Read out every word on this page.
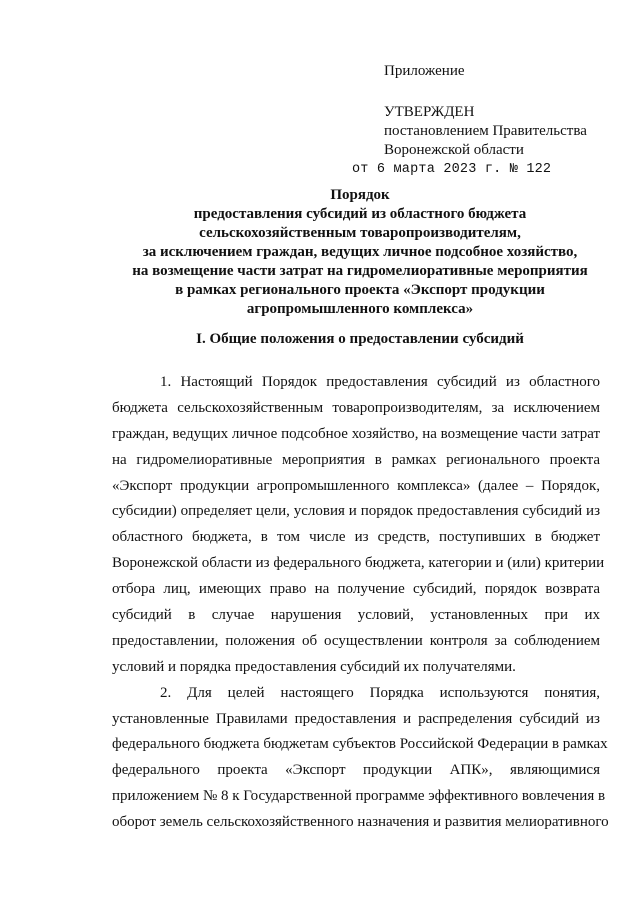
Приложение
УТВЕРЖДЕН
постановлением Правительства
Воронежской области
от 6 марта 2023 г. № 122
Порядок
предоставления субсидий из областного бюджета
сельскохозяйственным товаропроизводителям,
за исключением граждан, ведущих личное подсобное хозяйство,
на возмещение части затрат на гидромелиоративные мероприятия
в рамках регионального проекта «Экспорт продукции
агропромышленного комплекса»
I. Общие положения о предоставлении субсидий
1. Настоящий Порядок предоставления субсидий из областного
бюджета сельскохозяйственным товаропроизводителям, за исключением
граждан, ведущих личное подсобное хозяйство, на возмещение части затрат
на гидромелиоративные мероприятия в рамках регионального проекта
«Экспорт продукции агропромышленного комплекса» (далее – Порядок,
субсидии) определяет цели, условия и порядок предоставления субсидий из
областного бюджета, в том числе из средств, поступивших в бюджет
Воронежской области из федерального бюджета, категории и (или) критерии
отбора лиц, имеющих право на получение субсидий, порядок возврата
субсидий в случае нарушения условий, установленных при их
предоставлении, положения об осуществлении контроля за соблюдением
условий и порядка предоставления субсидий их получателями.
2. Для целей настоящего Порядка используются понятия,
установленные Правилами предоставления и распределения субсидий из
федерального бюджета бюджетам субъектов Российской Федерации в рамках
федерального проекта «Экспорт продукции АПК», являющимися
приложением № 8 к Государственной программе эффективного вовлечения в
оборот земель сельскохозяйственного назначения и развития мелиоративного
